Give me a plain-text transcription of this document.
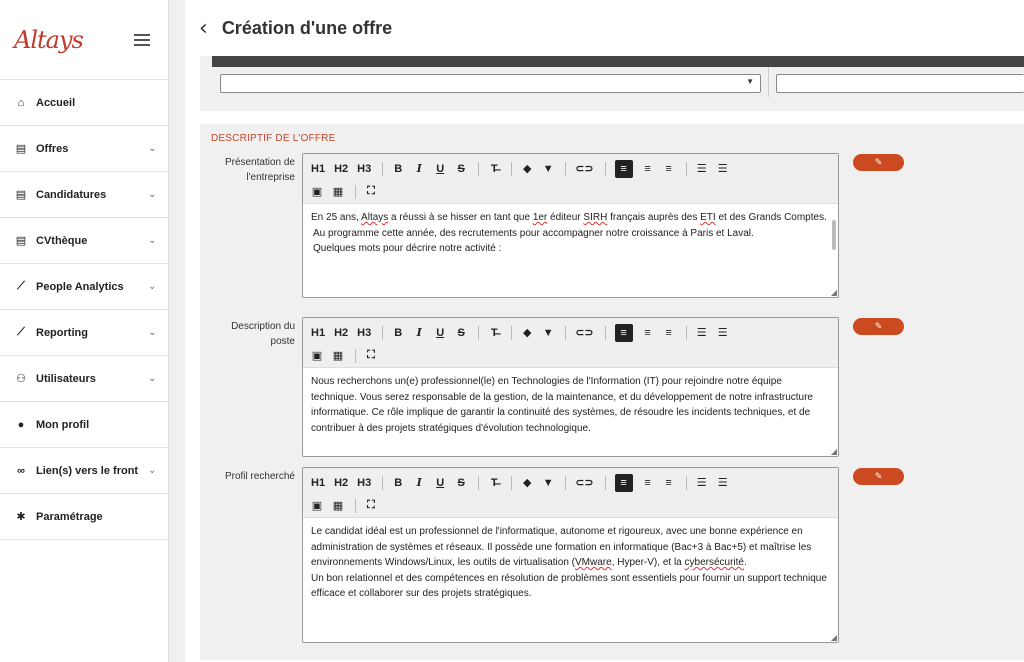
Altays
⌂	Accueil
▤ Offres	⌄
▤ Candidatures	⌄
▤ CVthèque	⌄
⟋ People Analytics	⌄
⟋ Reporting	⌄
⚇ Utilisateurs	⌄
●	Mon profil
∞ Lien(s) vers le front	⌄
✱ Paramétrage
‹ Création d'une offre
▼
DESCRIPTIF DE L'OFFRE
Présentation de l'entreprise
H1 H2 H3 B	I	U S T̶ ◆ ▼ ⊂⊃	≡	≡ ≡ ☰ ☰
▣ ▦ ⛶

En 25 ans, Altays a réussi à se hisser en tant que 1er éditeur SIRH français auprès des ETI et des Grands Comptes.

Au programme cette année, des recrutements pour accompagner notre croissance à Paris et Laval.

Quelques mots pour décrire notre activité :

◢
✎
Description du poste
H1 H2 H3 B	I	U S T̶ ◆ ▼ ⊂⊃	≡	≡ ≡ ☰ ☰
▣ ▦ ⛶

Nous recherchons un(e) professionnel(le) en Technologies de l'Information (IT) pour rejoindre notre équipe technique. Vous serez responsable de la gestion, de la maintenance, et du développement de notre infrastructure informatique. Ce rôle implique de garantir la continuité des systèmes, de résoudre les incidents techniques, et de contribuer à des projets stratégiques d'évolution technologique.

◢
✎
Profil recherché H1 H2 H3 B	I	U S T̶ ◆ ▼ ⊂⊃	≡	≡ ≡ ☰ ☰
▣ ▦ ⛶

Le candidat idéal est un professionnel de l'informatique, autonome et rigoureux, avec une bonne expérience en administration de systèmes et réseaux. Il possède une formation en informatique (Bac+3 à Bac+5) et maîtrise les environnements Windows/Linux, les outils de virtualisation (VMware, Hyper-V), et la cybersécurité.

Un bon relationnel et des compétences en résolution de problèmes sont essentiels pour fournir un support technique efficace et collaborer sur des projets stratégiques.

◢
✎
